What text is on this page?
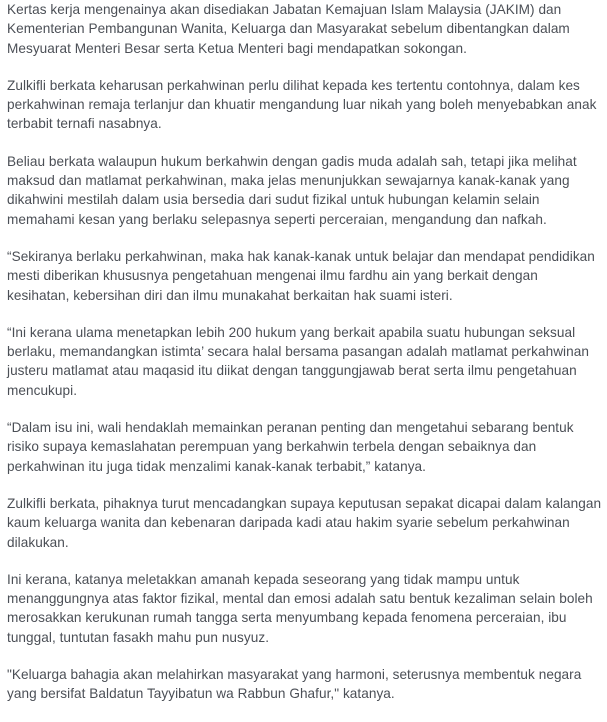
Kertas kerja mengenainya akan disediakan Jabatan Kemajuan Islam Malaysia (JAKIM) dan Kementerian Pembangunan Wanita, Keluarga dan Masyarakat sebelum dibentangkan dalam Mesyuarat Menteri Besar serta Ketua Menteri bagi mendapatkan sokongan.

Zulkifli berkata keharusan perkahwinan perlu dilihat kepada kes tertentu contohnya, dalam kes perkahwinan remaja terlanjur dan khuatir mengandung luar nikah yang boleh menyebabkan anak terbabit ternafi nasabnya.

Beliau berkata walaupun hukum berkahwin dengan gadis muda adalah sah, tetapi jika melihat maksud dan matlamat perkahwinan, maka jelas menunjukkan sewajarnya kanak-kanak yang dikahwini mestilah dalam usia bersedia dari sudut fizikal untuk hubungan kelamin selain memahami kesan yang berlaku selepasnya seperti perceraian, mengandung dan nafkah.

“Sekiranya berlaku perkahwinan, maka hak kanak-kanak untuk belajar dan mendapat pendidikan mesti diberikan khususnya pengetahuan mengenai ilmu fardhu ain yang berkait dengan kesihatan, kebersihan diri dan ilmu munakahat berkaitan hak suami isteri.

“Ini kerana ulama menetapkan lebih 200 hukum yang berkait apabila suatu hubungan seksual berlaku, memandangkan istimta’ secara halal bersama pasangan adalah matlamat perkahwinan justeru matlamat atau maqasid itu diikat dengan tanggungjawab berat serta ilmu pengetahuan mencukupi.

“Dalam isu ini, wali hendaklah memainkan peranan penting dan mengetahui sebarang bentuk risiko supaya kemaslahatan perempuan yang berkahwin terbela dengan sebaiknya dan perkahwinan itu juga tidak menzalimi kanak-kanak terbabit,” katanya.

Zulkifli berkata, pihaknya turut mencadangkan supaya keputusan sepakat dicapai dalam kalangan kaum keluarga wanita dan kebenaran daripada kadi atau hakim syarie sebelum perkahwinan dilakukan.

Ini kerana, katanya meletakkan amanah kepada seseorang yang tidak mampu untuk menanggungnya atas faktor fizikal, mental dan emosi adalah satu bentuk kezaliman selain boleh merosakkan kerukunan rumah tangga serta menyumbang kepada fenomena perceraian, ibu tunggal, tuntutan fasakh mahu pun nusyuz.

"Keluarga bahagia akan melahirkan masyarakat yang harmoni, seterusnya membentuk negara yang bersifat Baldatun Tayyibatun wa Rabbun Ghafur," katanya.
